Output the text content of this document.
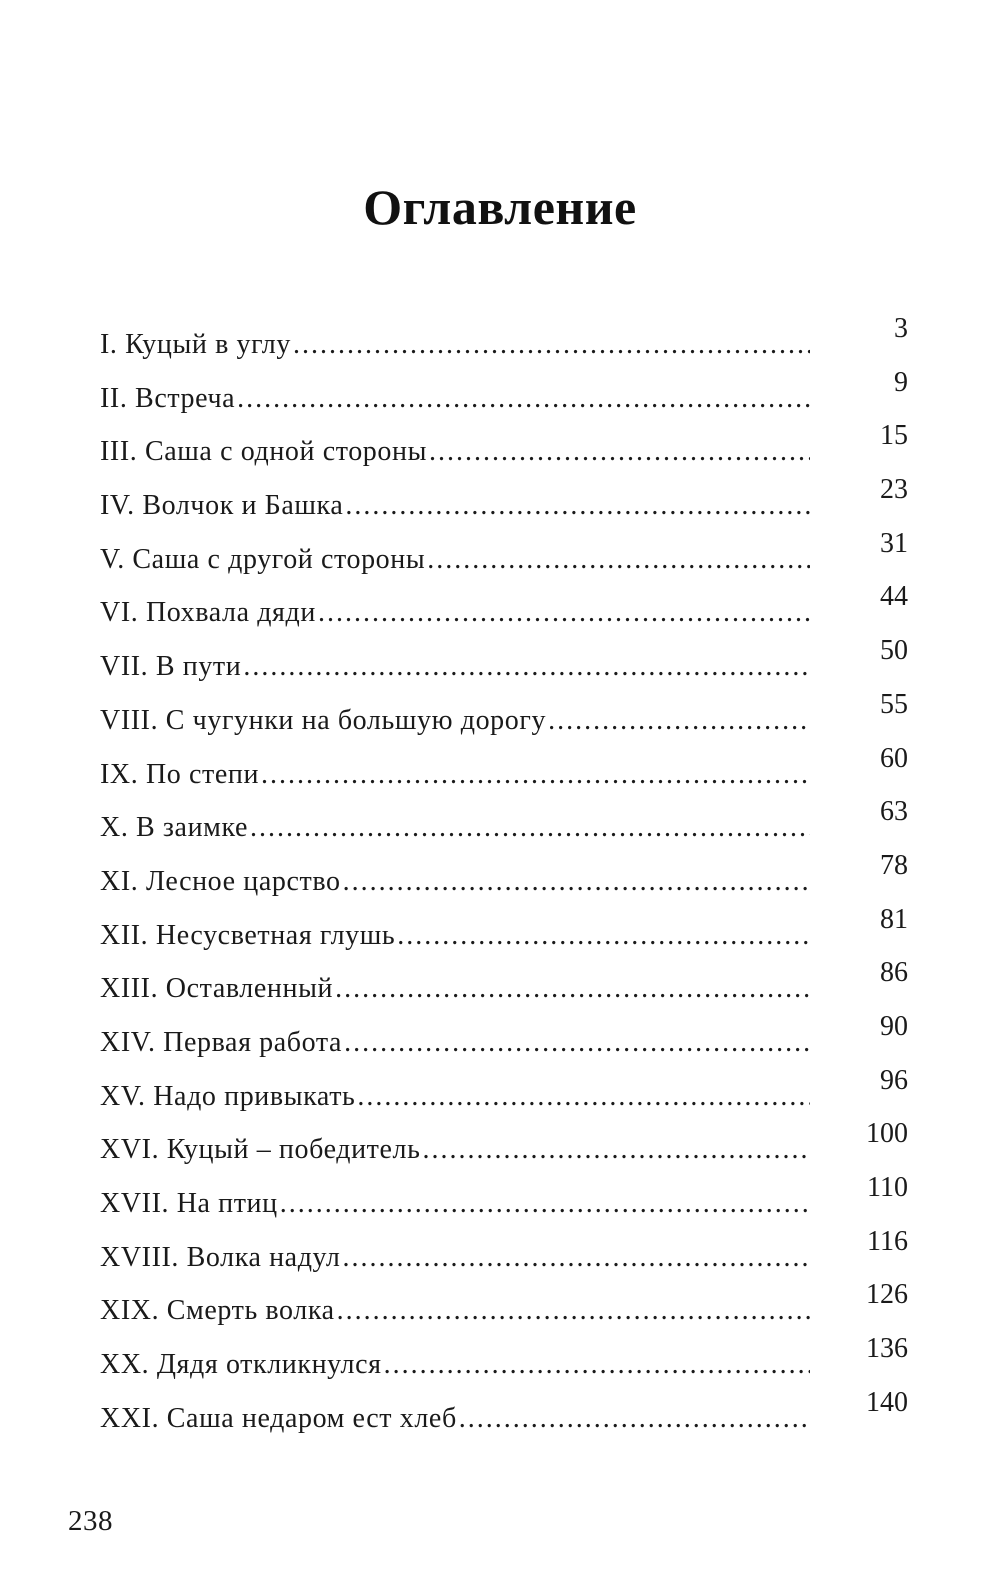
Оглавление
I. Куцый в углу
.....
3
II. Встреча
.....
9
III. Саша с одной стороны
.....
15
IV. Волчок и Башка
.....
23
V. Саша с другой стороны
.....
31
VI. Похвала дяди
.....
44
VII. В пути
.....
50
VIII. С чугунки на большую дорогу
.....
55
IX. По степи
.....
60
X. В заимке
.....
63
XI. Лесное царство
.....
78
XII. Несусветная глушь
.....
81
XIII. Оставленный
.....
86
XIV. Первая работа
.....
90
XV. Надо привыкать
.....
96
XVI. Куцый – победитель
.....
100
XVII. На птиц
.....
110
XVIII. Волка надул
.....
116
XIX. Смерть волка
.....
126
XX. Дядя откликнулся
.....
136
XXI. Саша недаром ест хлеб
.....
140
238
